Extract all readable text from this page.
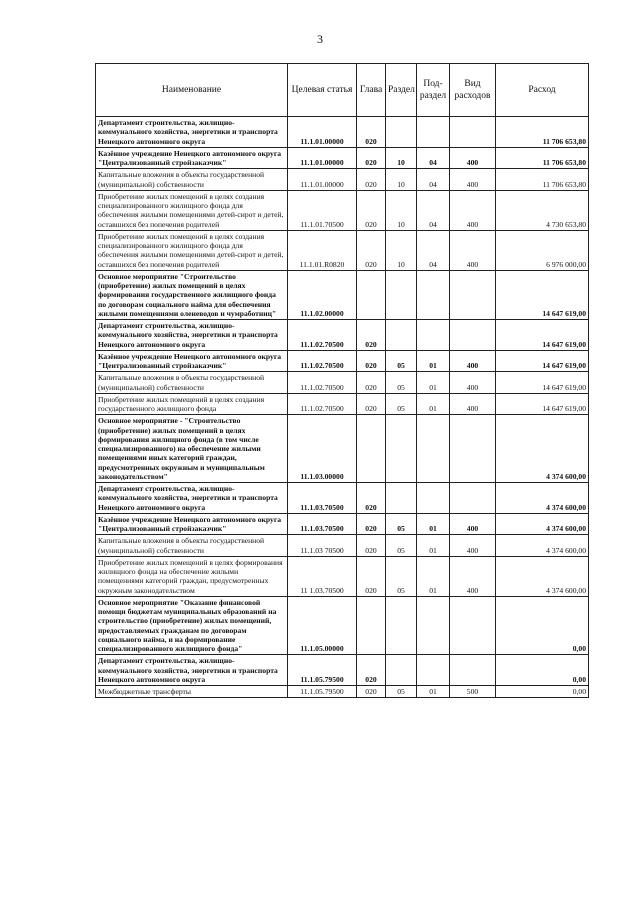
3
Наименование	Целевая статья	Глава	Раздел	Под-раздел	Вид расходов	Расход
Департамент строительства, жилищно-коммунального хозяйства, энергетики и транспорта Ненецкого автономного округа	11.1.01.00000	020				11 706 653,80
Казённое учреждение Ненецкого автономного округа "Централизованный стройзаказчик"	11.1.01.00000	020	10	04	400	11 706 653,80
Капитальные вложения в объекты государственной (муниципальной) собственности	11.1.01.00000	020	10	04	400	11 706 653,80
Приобретение жилых помещений в целях создания специализированного жилищного фонда для обеспечения жилыми помещениями детей-сирот и детей, оставшихся без попечения родителей	11.1.01.70500	020	10	04	400	4 730 653,80
Приобретение жилых помещений в целях создания специализированного жилищного фонда для обеспечения жилыми помещениями детей-сирот и детей, оставшихся без попечения родителей	11.1.01.R0820	020	10	04	400	6 976 000,00
Основное мероприятие "Строительство (приобретение) жилых помещений в целях формирования государственного жилищного фонда по договорам социального найма для обеспечения жилыми помещениями оленеводов и чумработниц"	11.1.02.00000					14 647 619,00
Департамент строительства, жилищно-коммунального хозяйства, энергетики и транспорта Ненецкого автономного округа	11.1.02.70500	020				14 647 619,00
Казённое учреждение Ненецкого автономного округа "Централизованный стройзаказчик"	11.1.02.70500	020	05	01	400	14 647 619,00
Капитальные вложения в объекты государственной (муниципальной) собственности	11.1.02.70500	020	05	01	400	14 647 619,00
Приобретение жилых помещений в целях создания государственного жилищного фонда	11.1.02.70500	020	05	01	400	14 647 619,00
Основное мероприятие - "Строительство (приобретение) жилых помещений в целях формирования жилищного фонда (в том числе специализированного) на обеспечение жилыми помещениями иных категорий граждан, предусмотренных окружным и муниципальным законодательством"	11.1.03.00000					4 374 600,00
Департамент строительства, жилищно-коммунального хозяйства, энергетики и транспорта Ненецкого автономного округа	11.1.03.70500	020				4 374 600,00
Казённое учреждение Ненецкого автономного округа "Централизованный стройзаказчик"	11.1.03.70500	020	05	01	400	4 374 600,00
Капитальные вложения в объекты государственной (муниципальной) собственности	11.1.03 70500	020	05	01	400	4 374 600,00
Приобретение жилых помещений в целях формирования жилищного фонда на обеспечение жилыми помещениями категорий граждан, предусмотренных окружным законодательством	11 1.03.70500	020	05	01	400	4 374 600,00
Основное мероприятие "Оказание финансовой помощи бюджетам муниципальных образований на строительство (приобретение) жилых помещений, предоставляемых гражданам по договорам социального найма, и на формирование специализированного жилищного фонда"	11.1.05.00000					0,00
Департамент строительства, жилищно-коммунального хозяйства, энергетики и транспорта Ненецкого автономного округа	11.1.05.79500	020				0,00
Межбюджетные трансферты	11.1.05.79500	020	05	01	500	0,00
